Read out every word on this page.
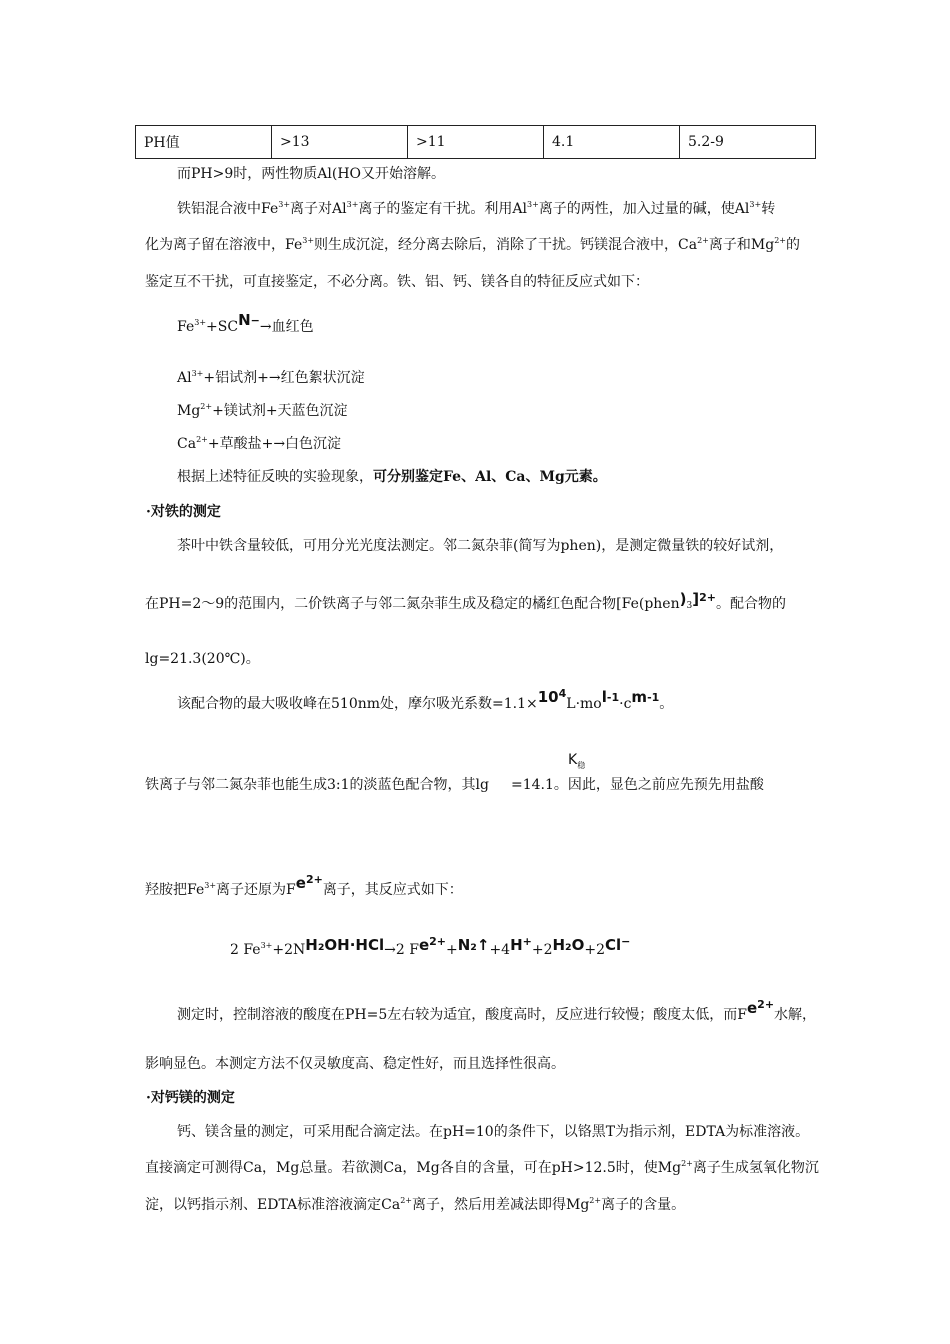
PH值	>13	>11	4.1	5.2-9
而PH>9时，两性物质Al(HO又开始溶解。
铁铝混合液中$Fe^{3+}$离子对$Al^{3+}$离子的鉴定有干扰。利用$Al^{3+}$离子的两性，加入过量的碱，使$Al^{3+}$转
化为离子留在溶液中，$Fe^{3+}$则生成沉淀，经分离去除后，消除了干扰。钙镁混合液中，$Ca^{2+}$离子和$Mg^{2+}$的
鉴定互不干扰，可直接鉴定，不必分离。铁、铝、钙、镁各自的特征反应式如下：
$Fe^{3+}+SCN^-\to$血红色
$Al^{3+}+$铝试剂+→红色絮状沉淀
$Mg^{2+}+$镁试剂+天蓝色沉淀
$Ca^{2+}+$草酸盐+→白色沉淀
根据上述特征反映的实验现象，可分别鉴定Fe、Al、Ca、Mg元素。
·对铁的测定
茶叶中铁含量较低，可用分光光度法测定。邻二氮杂菲(简写为phen)，是测定微量铁的较好试剂，
在PH=2～9的范围内，二价铁离子与邻二氮杂菲生成及稳定的橘红色配合物[Fe(phen)3]$^{2+}$。配合物的
lg=21.3(20℃)。
该配合物的最大吸收峰在510nm处，摩尔吸光系数$=1.1\times 10^4L\cdot mol^{-1}\cdot cm^{-1}$。
$K_稳$
铁离子与邻二氮杂菲也能生成3:1的淡蓝色配合物，其lg =14.1。因此，显色之前应先预先用盐酸
羟胺把$Fe^{3+}$离子还原为$Fe^{2+}$离子，其反应式如下：
2 $Fe^{3+}+2NH_2OH\cdot HCl\to 2$ $Fe^{2+}+N_2↑+4H^++2H_2O+2Cl^-$
测定时，控制溶液的酸度在PH=5左右较为适宜，酸度高时，反应进行较慢；酸度太低，而$Fe^{2+}$水解，
影响显色。本测定方法不仅灵敏度高、稳定性好，而且选择性很高。
·对钙镁的测定
钙、镁含量的测定，可采用配合滴定法。在pH=10的条件下，以铬黑T为指示剂，EDTA为标准溶液。
直接滴定可测得Ca，Mg总量。若欲测Ca，Mg各自的含量，可在pH>12.5时，使$Mg^{2+}$离子生成氢氧化物沉
淀，以钙指示剂、EDTA标准溶液滴定$Ca^{2+}$离子，然后用差减法即得$Mg^{2+}$离子的含量。
